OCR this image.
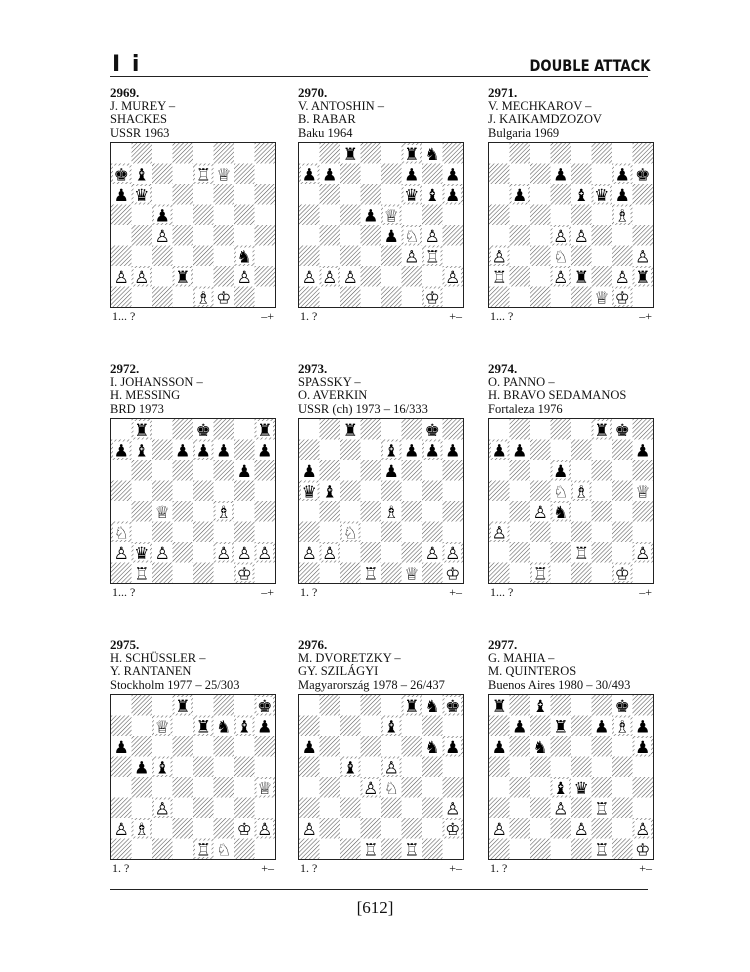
I i	DOUBLE ATTACK
2969.
J. MUREY –
SHACKES
USSR 1963
♚ ♝	♖ ♕
♟ ♛
♟
♙
♞
♙ ♙ ♜	♙
♗ ♔
1... ?	–+
2970.
V. ANTOSHIN –
B. RABAR
Baku 1964
♜	♜ ♞
♟ ♟	♟ ♟
♛ ♝ ♟
♟ ♕
♟ ♘ ♙
♙ ♖
♙ ♙ ♙	♙
♔
1. ?	+–
2971.
V. MECHKAROV –
J. KAIKAMDZOZOV
Bulgaria 1969
♟	♟ ♚
♟	♝ ♛ ♟
♗
♙ ♙
♙	♘	♙
♖	♙ ♜ ♙ ♜
♕ ♔
1... ?	–+
2972.
I. JOHANSSON –
H. MESSING
BRD 1973
♜	♚	♜
♟ ♝ ♟ ♟ ♟ ♟
♟
♕	♗
♘
♙ ♛ ♙	♙ ♙ ♙
♖	♔
1... ?	–+
2973.
SPASSKY –
O. AVERKIN
USSR (ch) 1973 – 16/333
♜	♚
♝ ♟ ♟ ♟
♟	♟
♛ ♝
♗
♘
♙ ♙	♙ ♙
♖ ♕ ♔
1. ?	+–
2974.
O. PANNO –
H. BRAVO SEDAMANOS
Fortaleza 1976
♜ ♚
♟ ♟	♟
♟
♘ ♗	♕
♙ ♞
♙
♖	♙
♖	♔
1... ?	–+
2975.
H. SCHÜSSLER –
Y. RANTANEN
Stockholm 1977 – 25/303
♜	♚
♕ ♜ ♞ ♝ ♟
♟
♟ ♝
♕
♙
♙ ♗	♔ ♙
♖ ♘
1. ?	+–
2976.
M. DVORETZKY –
GY. SZILÁGYI
Magyarország 1978 – 26/437
♜ ♞ ♚
♝
♟	♞ ♟
♝ ♙
♙ ♘
♙
♙	♔
♖ ♖
1. ?	+–
2977.
G. MAHIA –
M. QUINTEROS
Buenos Aires 1980 – 30/493
♜ ♝	♚
♟ ♜ ♟ ♗ ♟
♟ ♞	♟
♝ ♛
♙ ♖
♙	♙	♙
♖ ♔
1. ?	+–
[612]
